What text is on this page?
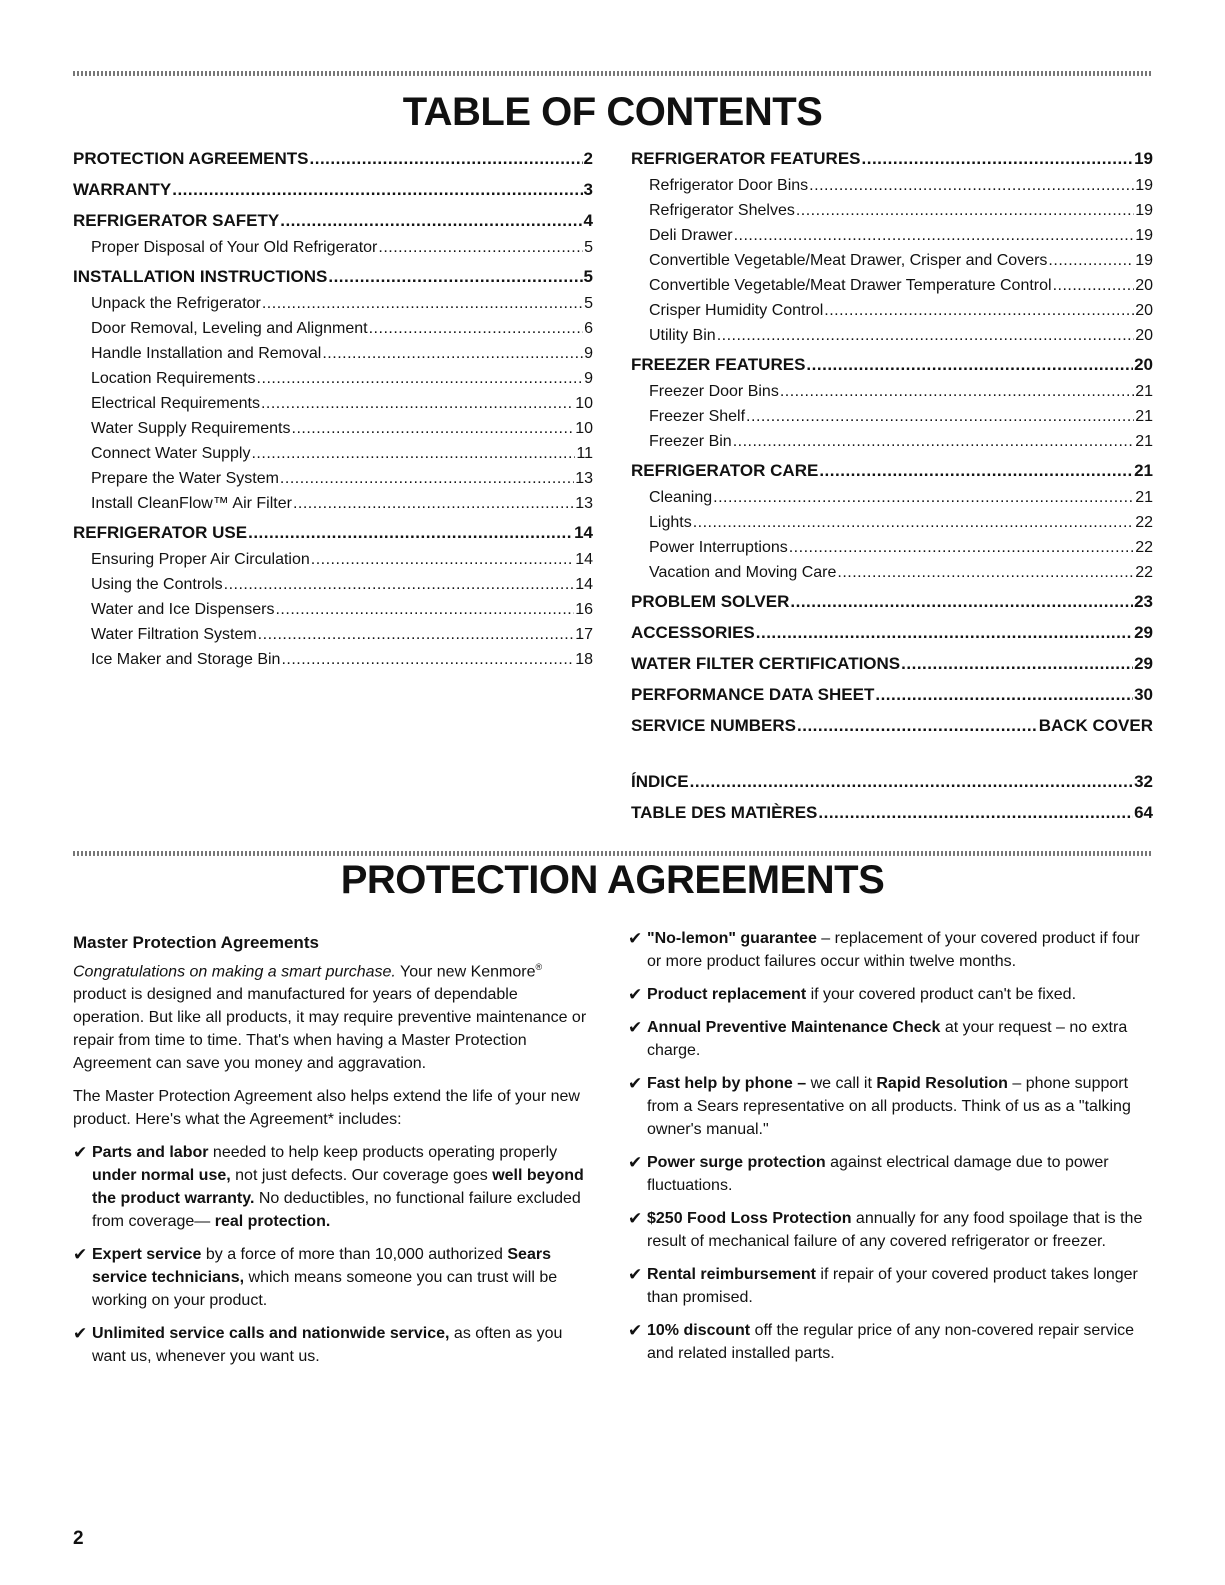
TABLE OF CONTENTS
PROTECTION AGREEMENTS .....	2
WARRANTY .....	3
REFRIGERATOR SAFETY .....	4
Proper Disposal of Your Old Refrigerator .....	5
INSTALLATION INSTRUCTIONS .....	5
Unpack the Refrigerator .....	5
Door Removal, Leveling and Alignment .....	6
Handle Installation and Removal .....	9
Location Requirements .....	9
Electrical Requirements .....	10
Water Supply Requirements .....	10
Connect Water Supply .....	11
Prepare the Water System .....	13
Install CleanFlow™ Air Filter .....	13
REFRIGERATOR USE .....	14
Ensuring Proper Air Circulation .....	14
Using the Controls .....	14
Water and Ice Dispensers .....	16
Water Filtration System .....	17
Ice Maker and Storage Bin .....	18
REFRIGERATOR FEATURES .....	19
Refrigerator Door Bins .....	19
Refrigerator Shelves .....	19
Deli Drawer .....	19
Convertible Vegetable/Meat Drawer, Crisper and Covers .....	19
Convertible Vegetable/Meat Drawer Temperature Control .....	20
Crisper Humidity Control .....	20
Utility Bin .....	20
FREEZER FEATURES .....	20
Freezer Door Bins .....	21
Freezer Shelf .....	21
Freezer Bin .....	21
REFRIGERATOR CARE .....	21
Cleaning .....	21
Lights .....	22
Power Interruptions .....	22
Vacation and Moving Care .....	22
PROBLEM SOLVER .....	23
ACCESSORIES .....	29
WATER FILTER CERTIFICATIONS .....	29
PERFORMANCE DATA SHEET .....	30
SERVICE NUMBERS .....	BACK COVER
ÍNDICE .....	32
TABLE DES MATIÈRES .....	64
PROTECTION AGREEMENTS
Master Protection Agreements

Congratulations on making a smart purchase. Your new Kenmore® product is designed and manufactured for years of dependable operation. But like all products, it may require preventive maintenance or repair from time to time. That's when having a Master Protection Agreement can save you money and aggravation.

The Master Protection Agreement also helps extend the life of your new product. Here's what the Agreement* includes:

✔ Parts and labor needed to help keep products operating properly under normal use, not just defects. Our coverage goes well beyond the product warranty. No deductibles, no functional failure excluded from coverage— real protection.
✔ Expert service by a force of more than 10,000 authorized Sears service technicians, which means someone you can trust will be working on your product.
✔ Unlimited service calls and nationwide service, as often as you want us, whenever you want us.
✔ "No-lemon" guarantee – replacement of your covered product if four or more product failures occur within twelve months.
✔ Product replacement if your covered product can't be fixed.
✔ Annual Preventive Maintenance Check at your request – no extra charge.
✔ Fast help by phone – we call it Rapid Resolution – phone support from a Sears representative on all products. Think of us as a "talking owner's manual."
✔ Power surge protection against electrical damage due to power fluctuations.
✔ $250 Food Loss Protection annually for any food spoilage that is the result of mechanical failure of any covered refrigerator or freezer.
✔ Rental reimbursement if repair of your covered product takes longer than promised.
✔ 10% discount off the regular price of any non-covered repair service and related installed parts.
2
